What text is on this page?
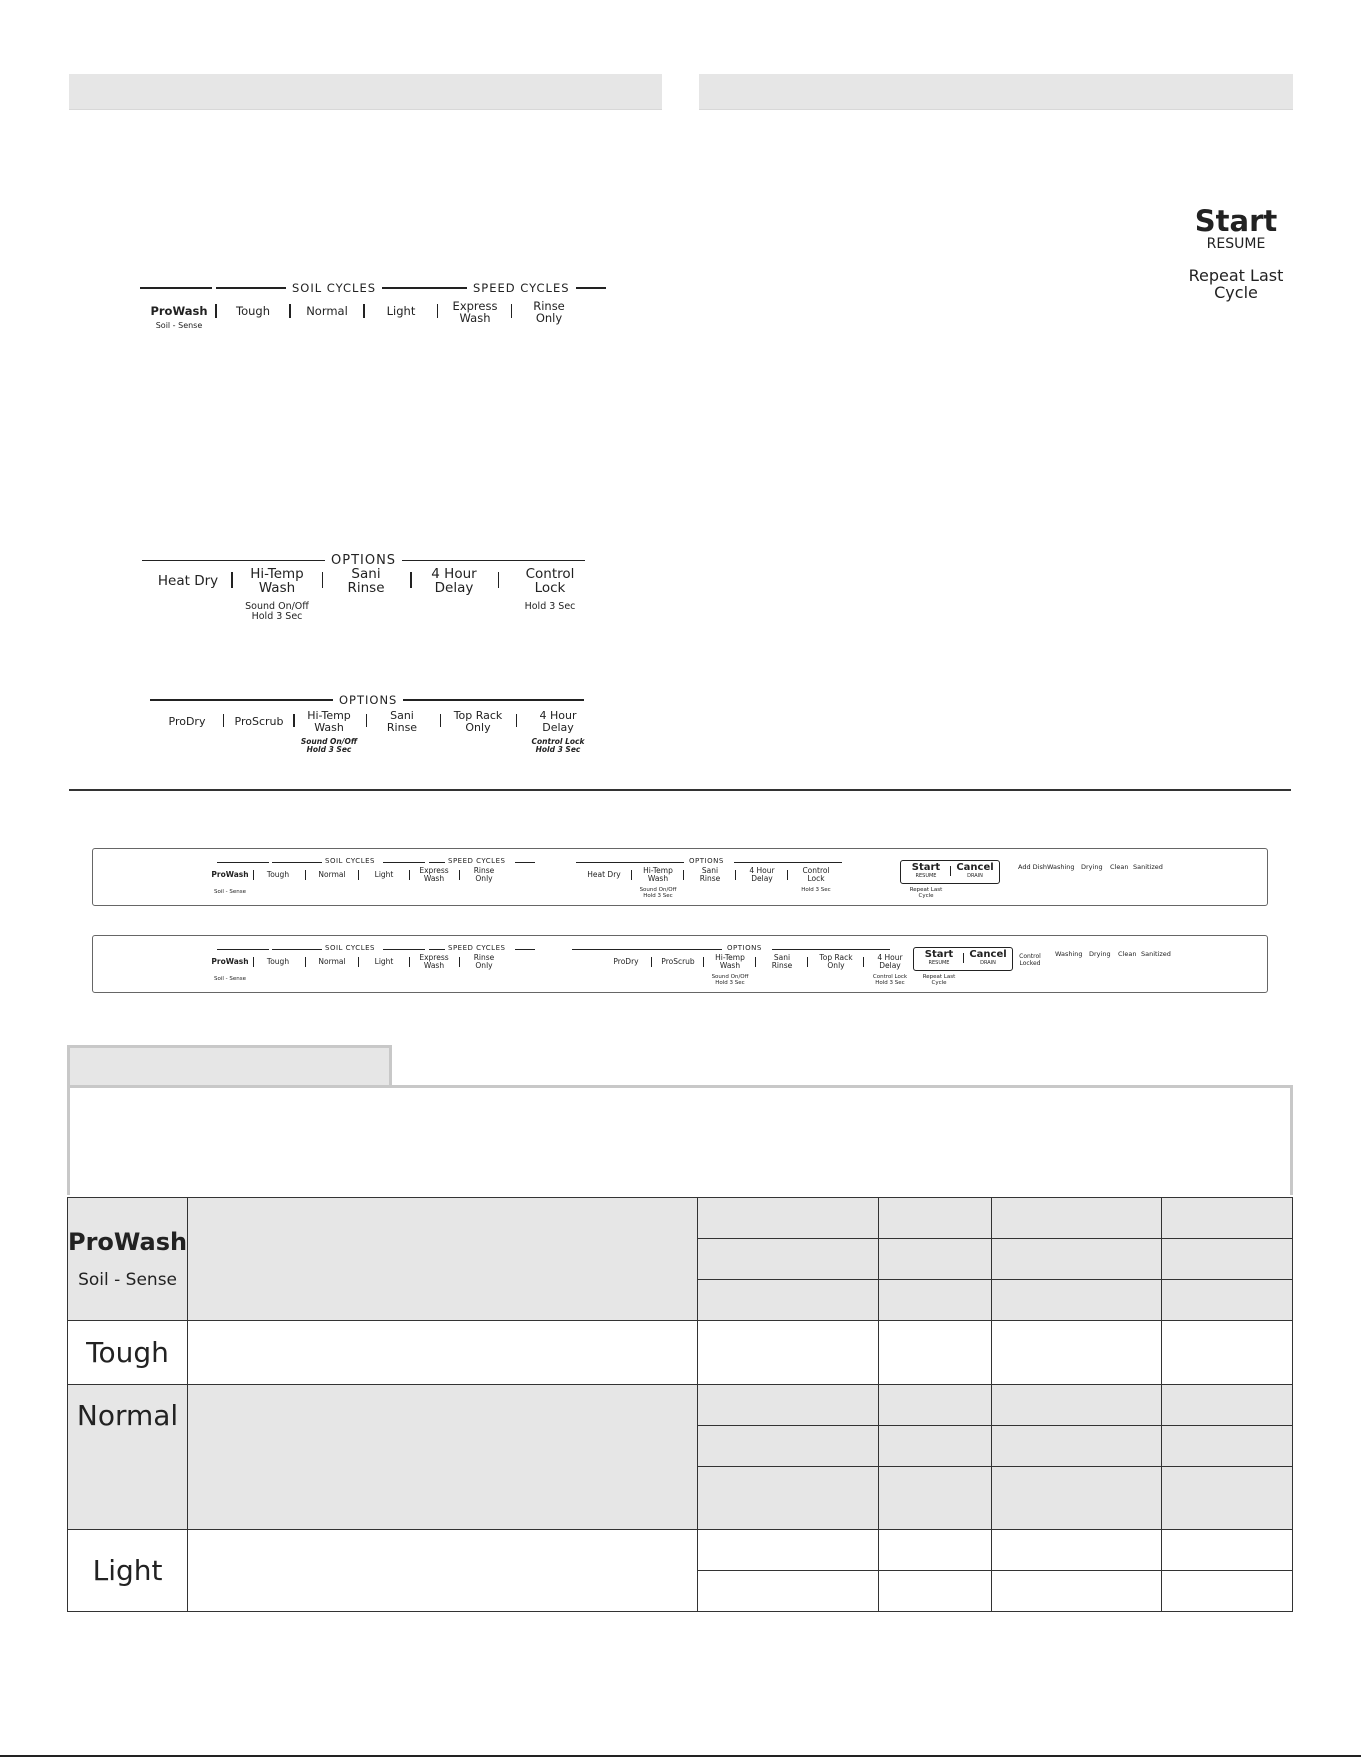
SOIL CYCLES	SPEED CYCLES
ProWash
Soil - Sense
Tough	Normal	Light	Express
Wash
Rinse
Only
OPTIONS
Heat Dry	Hi-Temp
Wash
Sound On/Off
Hold 3 Sec
Sani
Rinse
4 Hour
Delay
Control
Lock
Hold 3 Sec
OPTIONS
ProDry	ProScrub	Hi-Temp
Wash
Sound On/Off
Hold 3 Sec
Sani
Rinse
Top Rack
Only
4 Hour
Delay
Control Lock
Hold 3 Sec
Start
RESUME
Repeat Last
Cycle
SOIL CYCLES	SPEED CYCLES
ProWash
Soil - Sense
Tough	Normal	Light	Express
Wash
Rinse
Only
OPTIONS
Heat Dry	Hi-Temp
Wash
Sound On/Off
Hold 3 Sec
Sani
Rinse
4 Hour
Delay
Control
Lock
Hold 3 Sec
Start
RESUME
Cancel
DRAIN
Repeat Last
Cycle
Add Dish Washing Drying Clean Sanitized
SOIL CYCLES	SPEED CYCLES
ProWash
Soil - Sense
Tough	Normal	Light	Express
Wash
Rinse
Only
OPTIONS
ProDry	ProScrub	Hi-Temp
Wash
Sound On/Off
Hold 3 Sec
Sani
Rinse
Top Rack
Only
4 Hour
Delay
Control Lock
Hold 3 Sec
Start
RESUME
Cancel
DRAIN
Repeat Last
Cycle
Control
Locked
Washing Drying Clean Sanitized
ProWash
Soil - Sense					

Tough					

Normal					

Light					
